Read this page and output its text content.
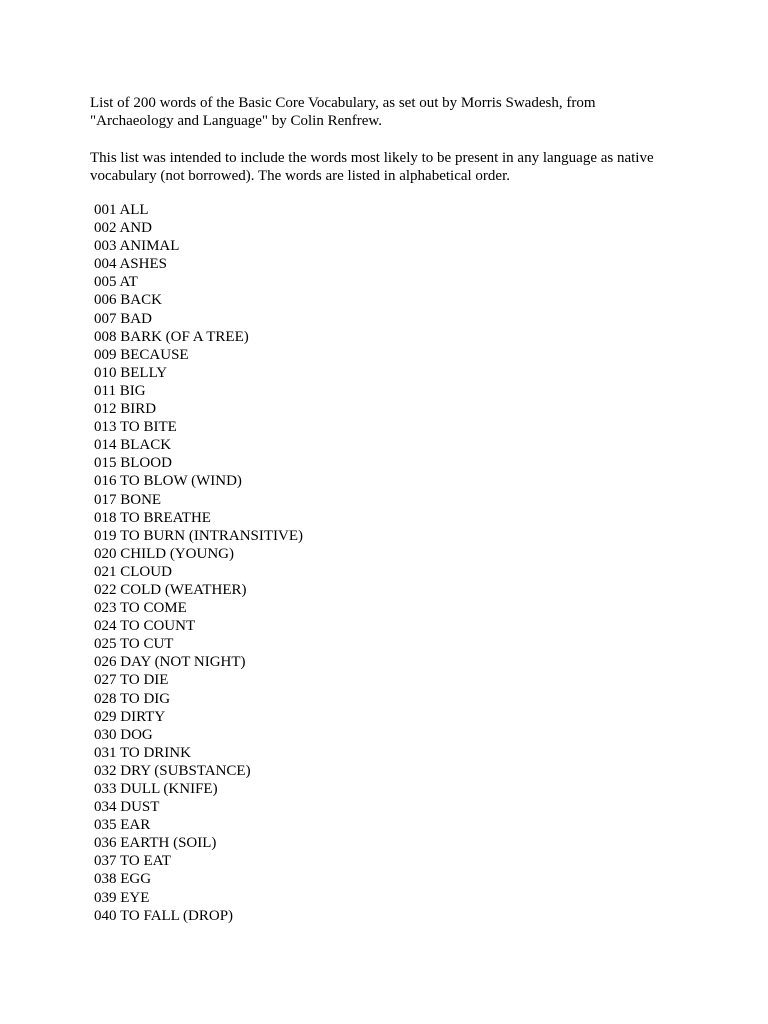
List of 200 words of the Basic Core Vocabulary, as set out by Morris Swadesh, from
"Archaeology and Language" by Colin Renfrew.

This list was intended to include the words most likely to be present in any language as native
vocabulary (not borrowed). The words are listed in alphabetical order.

001 ALL
002 AND
003 ANIMAL
004 ASHES
005 AT
006 BACK
007 BAD
008 BARK (OF A TREE)
009 BECAUSE
010 BELLY
011 BIG
012 BIRD
013 TO BITE
014 BLACK
015 BLOOD
016 TO BLOW (WIND)
017 BONE
018 TO BREATHE
019 TO BURN (INTRANSITIVE)
020 CHILD (YOUNG)
021 CLOUD
022 COLD (WEATHER)
023 TO COME
024 TO COUNT
025 TO CUT
026 DAY (NOT NIGHT)
027 TO DIE
028 TO DIG
029 DIRTY
030 DOG
031 TO DRINK
032 DRY (SUBSTANCE)
033 DULL (KNIFE)
034 DUST
035 EAR
036 EARTH (SOIL)
037 TO EAT
038 EGG
039 EYE
040 TO FALL (DROP)
